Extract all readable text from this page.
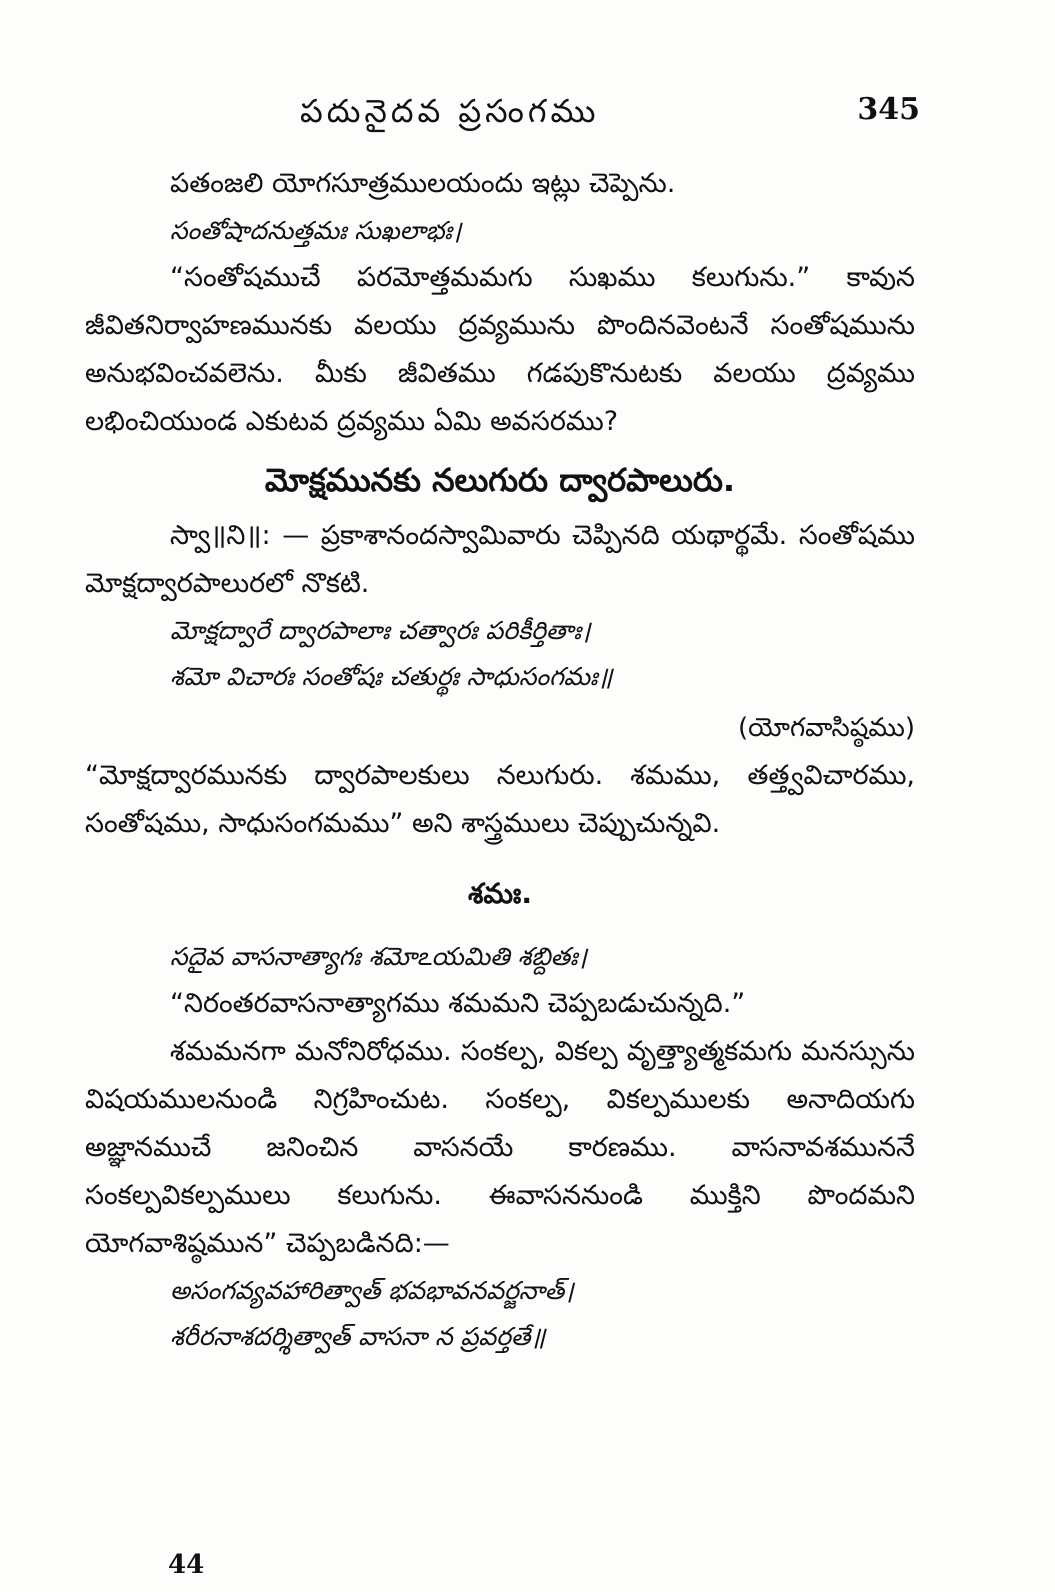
పదునైదవ ప్రసంగము	345

పతంజలి యోగసూత్రములయందు ఇట్లు చెప్పెను.

సంతోషాదనుత్తమః సుఖలాభః।

“సంతోషముచే పరమోత్తమమగు సుఖము కలుగును.” కావున జీవితనిర్వాహణమునకు వలయు ద్రవ్యమును పొందినవెంటనే సంతోషమును అనుభవించవలెను. మీకు జీవితము గడపుకొనుటకు వలయు ద్రవ్యము లభించియుండ ఎకుటవ ద్రవ్యము ఏమి అవసరము?

మోక్షమునకు నలుగురు ద్వారపాలురు.

స్వా॥ని॥: — ప్రకాశానందస్వామివారు చెప్పినది యథార్థమే. సంతోషము మోక్షద్వారపాలురలో నొకటి.

మోక్షద్వారే ద్వారపాలాః చత్వారః పరికీర్తితాః।

శమో విచారః సంతోషః చతుర్థః సాధుసంగమః॥

(యోగవాసిష్ఠము)

“మోక్షద్వారమునకు ద్వారపాలకులు నలుగురు. శమము, తత్త్వవిచారము, సంతోషము, సాధుసంగమము” అని శాస్త్రములు చెప్పుచున్నవి.

శమః.

సదైవ వాసనాత్యాగః శమోఽయమితి శబ్దితః।

“నిరంతరవాసనాత్యాగము శమమని చెప్పబడుచున్నది.”

శమమనగా మనోనిరోధము. సంకల్ప, వికల్ప వృత్త్యాత్మకమగు మనస్సును విషయములనుండి నిగ్రహించుట. సంకల్ప, వికల్పములకు అనాదియగు అజ్ఞానముచే జనించిన వాసనయే కారణము. వాసనావశముననే సంకల్పవికల్పములు కలుగును. ఈవాసననుండి ముక్తిని పొందమని యోగవాశిష్ఠమున” చెప్పబడినది:—

అసంగవ్యవహారిత్వాత్ భవభావనవర్జనాత్।

శరీరనాశదర్శిత్వాత్ వాసనా న ప్రవర్తతే॥

44
